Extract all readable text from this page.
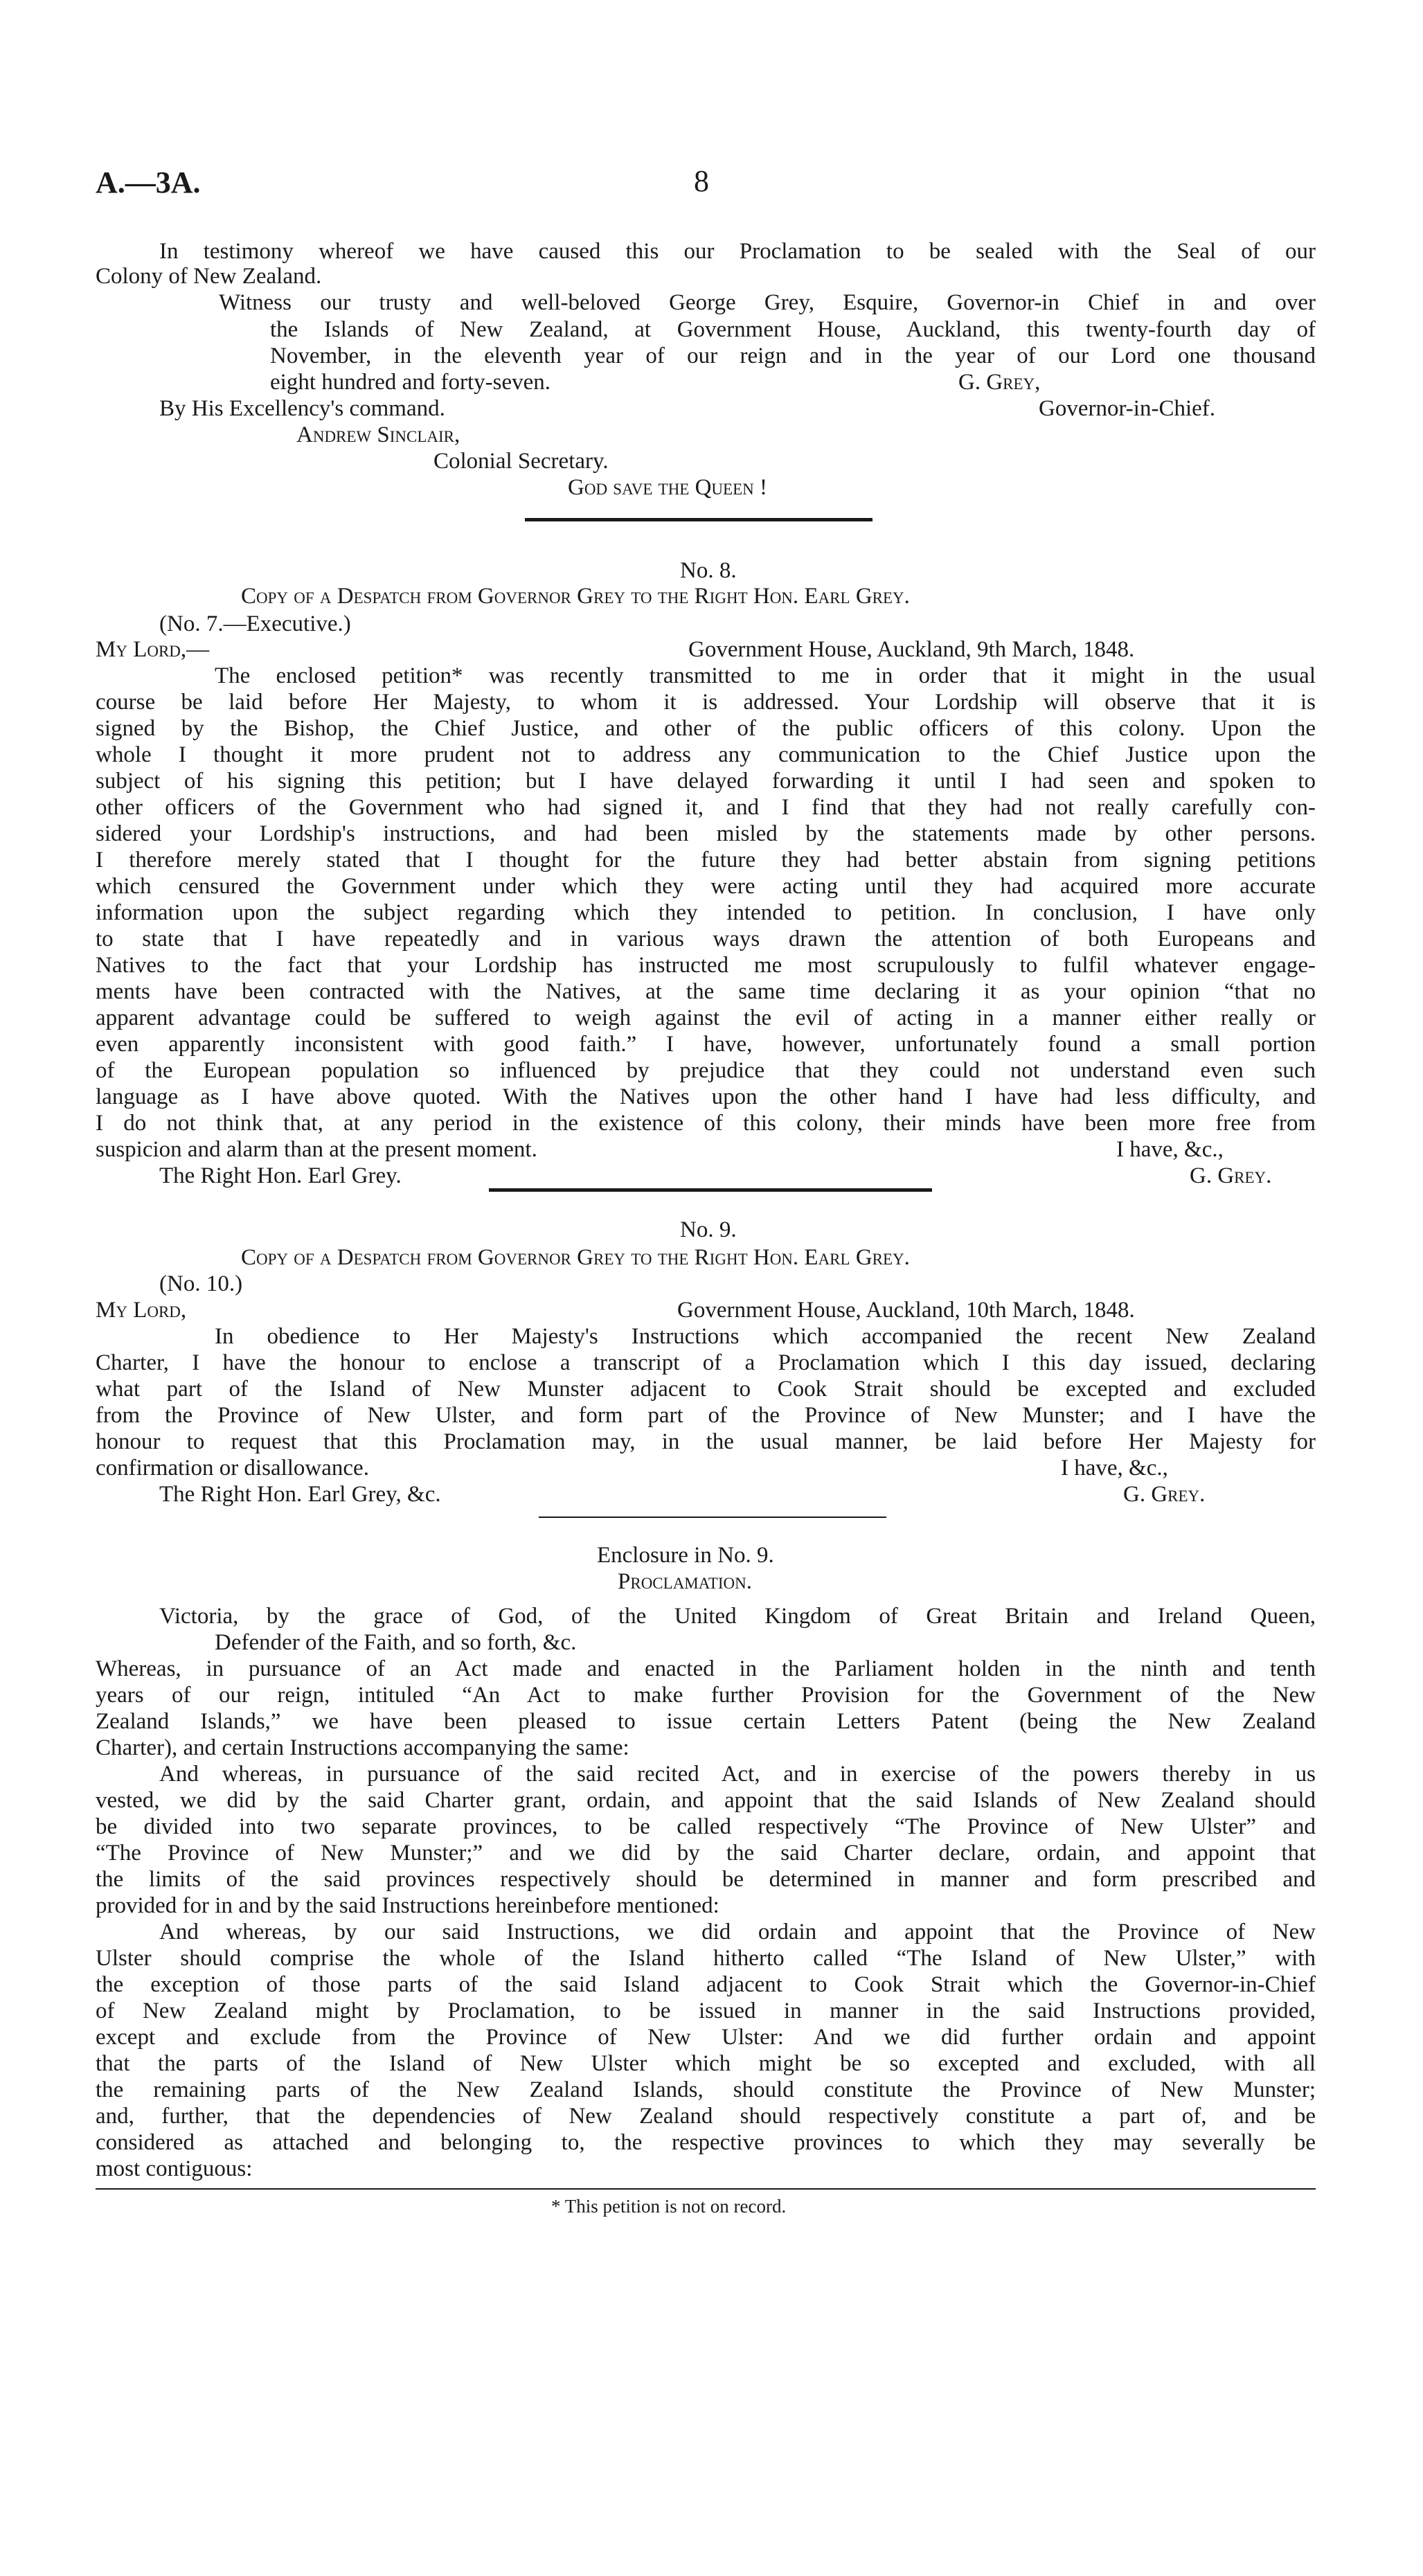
A.—3A.	8
In testimony whereof we have caused this our Proclamation to be sealed with the Seal of our
Colony of New Zealand.
Witness our trusty and well-beloved George Grey, Esquire, Governor-in Chief in and over
the Islands of New Zealand, at Government House, Auckland, this twenty-fourth day of
November, in the eleventh year of our reign and in the year of our Lord one thousand
eight hundred and forty-seven.	G. Grey,
By His Excellency's command.	Governor-in-Chief.
Andrew Sinclair,
Colonial Secretary.
God save the Queen !
No. 8.
Copy of a Despatch from Governor Grey to the Right Hon. Earl Grey.
(No. 7.—Executive.)
My Lord,—	Government House, Auckland, 9th March, 1848.
The enclosed petition* was recently transmitted to me in order that it might in the usual
course be laid before Her Majesty, to whom it is addressed. Your Lordship will observe that it is
signed by the Bishop, the Chief Justice, and other of the public officers of this colony. Upon the
whole I thought it more prudent not to address any communication to the Chief Justice upon the
subject of his signing this petition; but I have delayed forwarding it until I had seen and spoken to
other officers of the Government who had signed it, and I find that they had not really carefully con-
sidered your Lordship's instructions, and had been misled by the statements made by other persons.
I therefore merely stated that I thought for the future they had better abstain from signing petitions
which censured the Government under which they were acting until they had acquired more accurate
information upon the subject regarding which they intended to petition. In conclusion, I have only
to state that I have repeatedly and in various ways drawn the attention of both Europeans and
Natives to the fact that your Lordship has instructed me most scrupulously to fulfil whatever engage-
ments have been contracted with the Natives, at the same time declaring it as your opinion “that no
apparent advantage could be suffered to weigh against the evil of acting in a manner either really or
even apparently inconsistent with good faith.” I have, however, unfortunately found a small portion
of the European population so influenced by prejudice that they could not understand even such
language as I have above quoted. With the Natives upon the other hand I have had less difficulty, and
I do not think that, at any period in the existence of this colony, their minds have been more free from
suspicion and alarm than at the present moment.	I have, &c.,
The Right Hon. Earl Grey.	G. Grey.
No. 9.
Copy of a Despatch from Governor Grey to the Right Hon. Earl Grey.
(No. 10.)
My Lord,	Government House, Auckland, 10th March, 1848.
In obedience to Her Majesty's Instructions which accompanied the recent New Zealand
Charter, I have the honour to enclose a transcript of a Proclamation which I this day issued, declaring
what part of the Island of New Munster adjacent to Cook Strait should be excepted and excluded
from the Province of New Ulster, and form part of the Province of New Munster; and I have the
honour to request that this Proclamation may, in the usual manner, be laid before Her Majesty for
confirmation or disallowance.	I have, &c.,
The Right Hon. Earl Grey, &c.	G. Grey.
Enclosure in No. 9.
Proclamation.
Victoria, by the grace of God, of the United Kingdom of Great Britain and Ireland Queen,
Defender of the Faith, and so forth, &c.
Whereas, in pursuance of an Act made and enacted in the Parliament holden in the ninth and tenth
years of our reign, intituled “An Act to make further Provision for the Government of the New
Zealand Islands,” we have been pleased to issue certain Letters Patent (being the New Zealand
Charter), and certain Instructions accompanying the same:
And whereas, in pursuance of the said recited Act, and in exercise of the powers thereby in us
vested, we did by the said Charter grant, ordain, and appoint that the said Islands of New Zealand should
be divided into two separate provinces, to be called respectively “The Province of New Ulster” and
“The Province of New Munster;” and we did by the said Charter declare, ordain, and appoint that
the limits of the said provinces respectively should be determined in manner and form prescribed and
provided for in and by the said Instructions hereinbefore mentioned:
And whereas, by our said Instructions, we did ordain and appoint that the Province of New
Ulster should comprise the whole of the Island hitherto called “The Island of New Ulster,” with
the exception of those parts of the said Island adjacent to Cook Strait which the Governor-in-Chief
of New Zealand might by Proclamation, to be issued in manner in the said Instructions provided,
except and exclude from the Province of New Ulster: And we did further ordain and appoint
that the parts of the Island of New Ulster which might be so excepted and excluded, with all
the remaining parts of the New Zealand Islands, should constitute the Province of New Munster;
and, further, that the dependencies of New Zealand should respectively constitute a part of, and be
considered as attached and belonging to, the respective provinces to which they may severally be
most contiguous:
* This petition is not on record.
